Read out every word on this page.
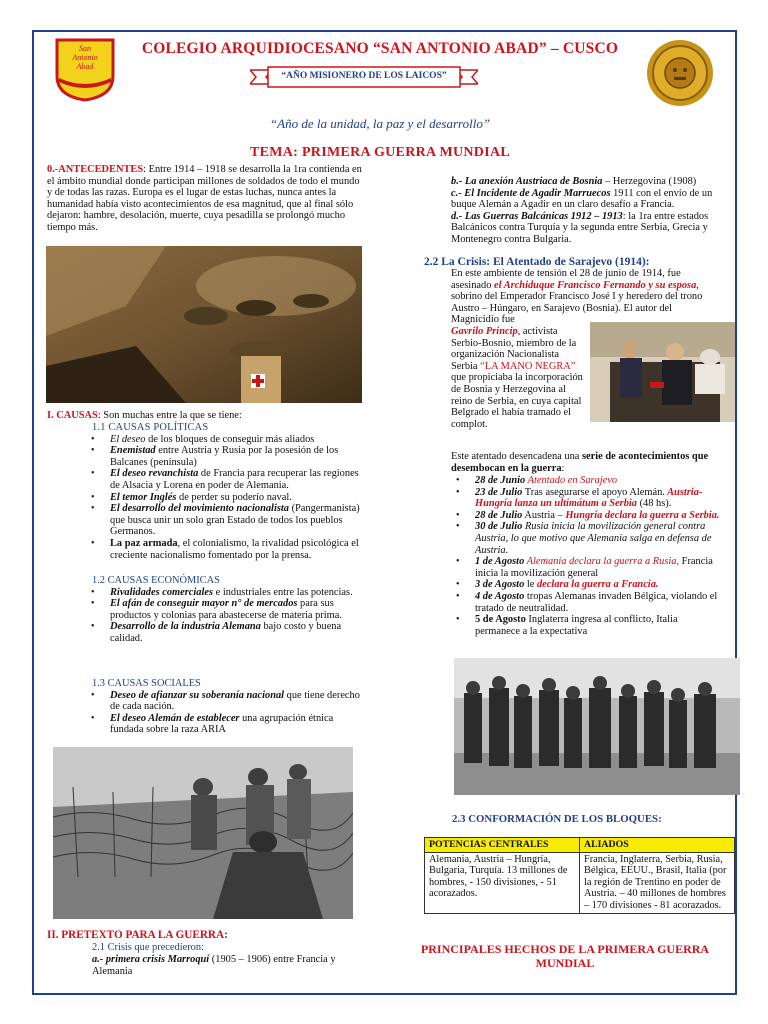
San
Antonio
Abad
COLEGIO ARQUIDIOCESANO “SAN ANTONIO ABAD” – CUSCO
“AÑO MISIONERO DE LOS LAICOS”
“Año de la unidad, la paz y el desarrollo”
TEMA: PRIMERA GUERRA MUNDIAL
0.-ANTECEDENTES: Entre 1914 – 1918 se desarrolla la 1ra contienda en el ámbito mundial donde participan millones de soldados de todo el mundo y de todas las razas. Europa es el lugar de estas luchas, nunca antes la humanidad había visto acontecimientos de esa magnitud, que al final sólo dejaron: hambre, desolación, muerte, cuya pesadilla se prolongó mucho tiempo más.
I. CAUSAS: Son muchas entre la que se tiene:
1.1 CAUSAS POLÍTICAS
• El deseo de los bloques de conseguir más aliados
• Enemistad entre Austria y Rusia por la posesión de los Balcanes (península)
• El deseo revanchista de Francia para recuperar las regiones de Alsacia y Lorena en poder de Alemania.
• El temor Inglés de perder su poderío naval.
• El desarrollo del movimiento nacionalista (Pangermanista) que busca unir un solo gran Estado de todos los pueblos Germanos.
• La paz armada, el colonialismo, la rivalidad psicológica el creciente nacionalismo fomentado por la prensa.
1.2 CAUSAS ECONÓMICAS
• Rivalidades comerciales e industriales entre las potencias.
• El afán de conseguir mayor n° de mercados para sus productos y colonias para abastecerse de materia prima.
• Desarrollo de la industria Alemana bajo costo y buena calidad.
1.3 CAUSAS SOCIALES
• Deseo de afianzar su soberanía nacional que tiene derecho de cada nación.
• El deseo Alemán de establecer una agrupación étnica fundada sobre la raza ARIA
II. PRETEXTO PARA LA GUERRA:
2.1 Crisis que precedieron:
a.- primera crisis Marroquí (1905 – 1906) entre Francia y Alemania
b.- La anexión Austriaca de Bosnia – Herzegovina (1908)
c.- El Incidente de Agadir Marruecos 1911 con el envío de un buque Alemán a Agadir en un claro desafío a Francia.
d.- Las Guerras Balcánicas 1912 – 1913: la 1ra entre estados Balcánicos contra Turquía y la segunda entre Serbia, Grecia y Montenegro contra Bulgaria.
2.2 La Crisis: El Atentado de Sarajevo (1914):
En este ambiente de tensión el 28 de junio de 1914, fue asesinado el Archiduque Francisco Fernando y su esposa, sobrino del Emperador Francisco José I y heredero del trono Austro – Húngaro, en Sarajevo (Bosnia). El autor del Magnicidio fue
Gavrilo Princip, activista Serbio-Bosnio, miembro de la organización Nacionalista Serbia “LA MANO NEGRA” que propiciaba la incorporación de Bosnia y Herzegovina al reino de Serbia, en cuya capital Belgrado el había tramado el complot.
Este atentado desencadena una serie de acontecimientos que desembocan en la guerra:
• 28 de Junio Atentado en Sarajevo
• 23 de Julio Tras asegurarse el apoyo Alemán. Austria-Hungría lanza un ultimátum a Serbia (48 hs).
• 28 de Julio Austria – Hungría declara la guerra a Serbia.
• 30 de Julio Rusia inicia la movilización general contra Austria, lo que motivo que Alemania salga en defensa de Austria.
• 1 de Agosto Alemania declara la guerra a Rusia, Francia inicia la movilización general
• 3 de Agosto le declara la guerra a Francia.
• 4 de Agosto tropas Alemanas invaden Bélgica, violando el tratado de neutralidad.
• 5 de Agosto Inglaterra ingresa al conflicto, Italia permanece a la expectativa
2.3 CONFORMACIÓN DE LOS BLOQUES:
POTENCIAS CENTRALES	ALIADOS
Alemania, Austria – Hungría, Bulgaria, Turquía. 13 millones de hombres, - 150 divisiones, - 51 acorazados.	Francia, Inglaterra, Serbia, Rusia, Bélgica, EEUU., Brasil, Italia (por la región de Trentino en poder de Austria. – 40 millones de hombres – 170 divisiones - 81 acorazados.
PRINCIPALES HECHOS DE LA PRIMERA GUERRA MUNDIAL
